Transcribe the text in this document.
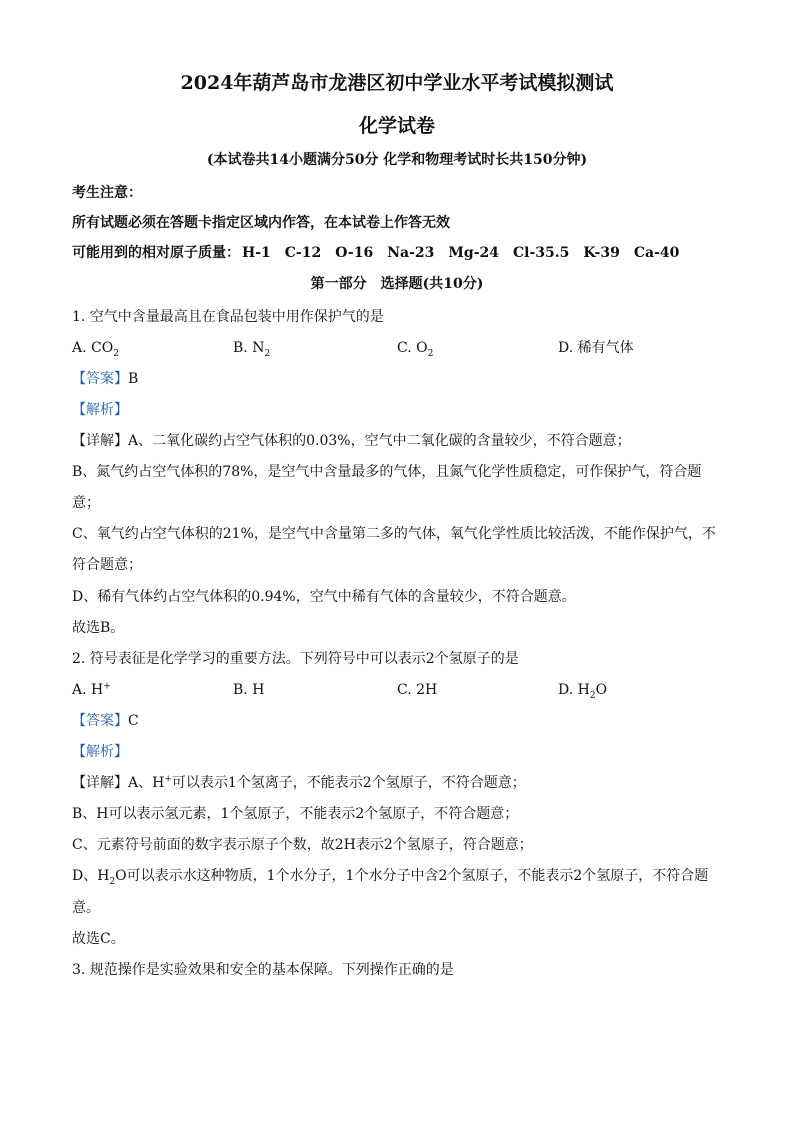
2024年葫芦岛市龙港区初中学业水平考试模拟测试
化学试卷
(本试卷共14小题满分50分 化学和物理考试时长共150分钟)
考生注意：
所有试题必须在答题卡指定区域内作答，在本试卷上作答无效
可能用到的相对原子质量： H-1 C-12 O-16 Na-23 Mg-24 Cl-35.5 K-39 Ca-40
第一部分　选择题(共10分)
1. 空气中含量最高且在食品包装中用作保护气的是
A. $CO_2$	B. $N_2$	C. $O_2$	D. 稀有气体
【答案】B
【解析】
【详解】A、二氧化碳约占空气体积的0.03%，空气中二氧化碳的含量较少，不符合题意；
B、氮气约占空气体积的78%，是空气中含量最多的气体，且氮气化学性质稳定，可作保护气，符合题
意；
C、氧气约占空气体积的21%，是空气中含量第二多的气体，氧气化学性质比较活泼，不能作保护气，不
符合题意；
D、稀有气体约占空气体积的0.94%，空气中稀有气体的含量较少，不符合题意。
故选B。
2. 符号表征是化学学习的重要方法。下列符号中可以表示2个氢原子的是
A. H+	B. H	C. 2H	D. $H_2O$
【答案】C
【解析】
【详解】A、H+可以表示1个氢离子，不能表示2个氢原子，不符合题意；
B、H可以表示氢元素，1个氢原子，不能表示2个氢原子，不符合题意；
C、元素符号前面的数字表示原子个数，故2H表示2个氢原子，符合题意；
D、$H_2O$可以表示水这种物质，1个水分子，1个水分子中含2个氢原子，不能表示2个氢原子，不符合题
意。
故选C。
3. 规范操作是实验效果和安全的基本保障。下列操作正确的是
